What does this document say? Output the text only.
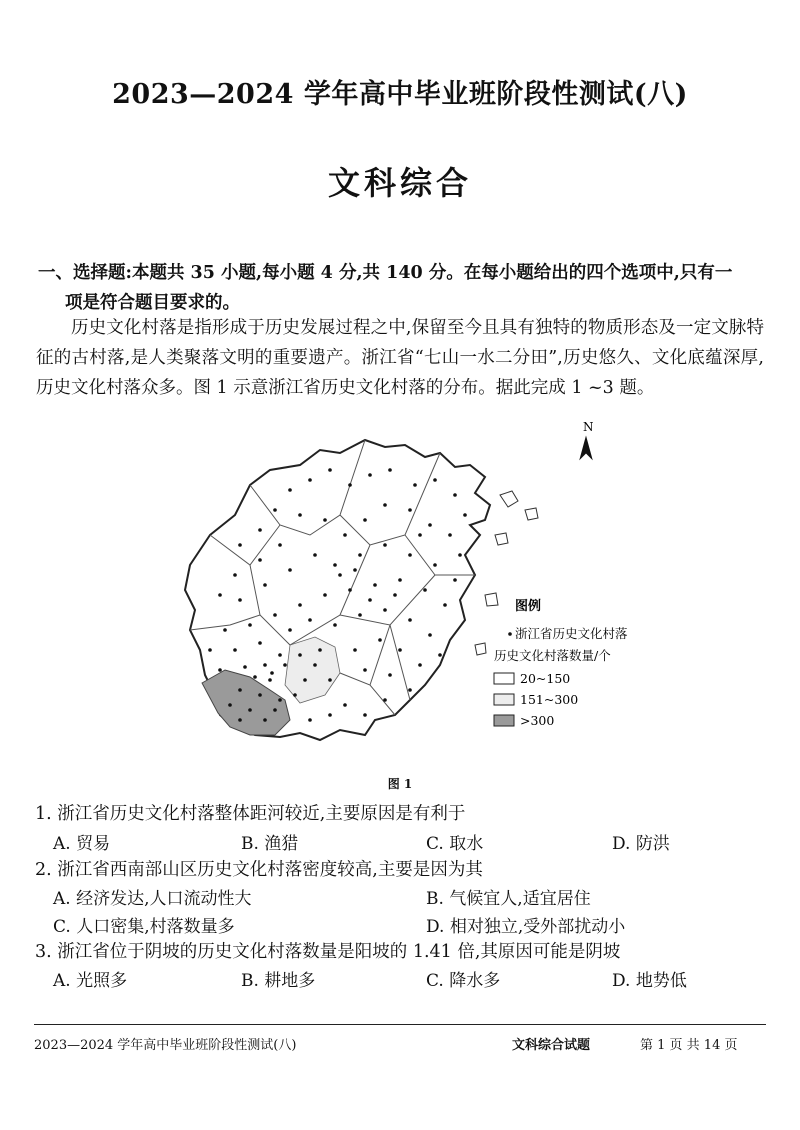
2023—2024 学年高中毕业班阶段性测试(八)
文科综合
一、选择题:本题共 35 小题,每小题 4 分,共 140 分。在每小题给出的四个选项中,只有一
项是符合题目要求的。
历史文化村落是指形成于历史发展过程之中,保留至今且具有独特的物质形态及一定文脉特征的古村落,是人类聚落文明的重要遗产。浙江省“七山一水二分田”,历史悠久、文化底蕴深厚,历史文化村落众多。图 1 示意浙江省历史文化村落的分布。据此完成 1 ~3 题。
N
图例
浙江省历史文化村落
历史文化村落数量/个
20~150
151~300
>300
图 1
1. 浙江省历史文化村落整体距河较近,主要原因是有利于
A. 贸易	B. 渔猎	C. 取水	D. 防洪
2. 浙江省西南部山区历史文化村落密度较高,主要是因为其
A. 经济发达,人口流动性大	B. 气候宜人,适宜居住
C. 人口密集,村落数量多	D. 相对独立,受外部扰动小
3. 浙江省位于阴坡的历史文化村落数量是阳坡的 1.41 倍,其原因可能是阴坡
A. 光照多	B. 耕地多	C. 降水多	D. 地势低
2023—2024 学年高中毕业班阶段性测试(八)	文科综合试题	第 1 页 共 14 页
